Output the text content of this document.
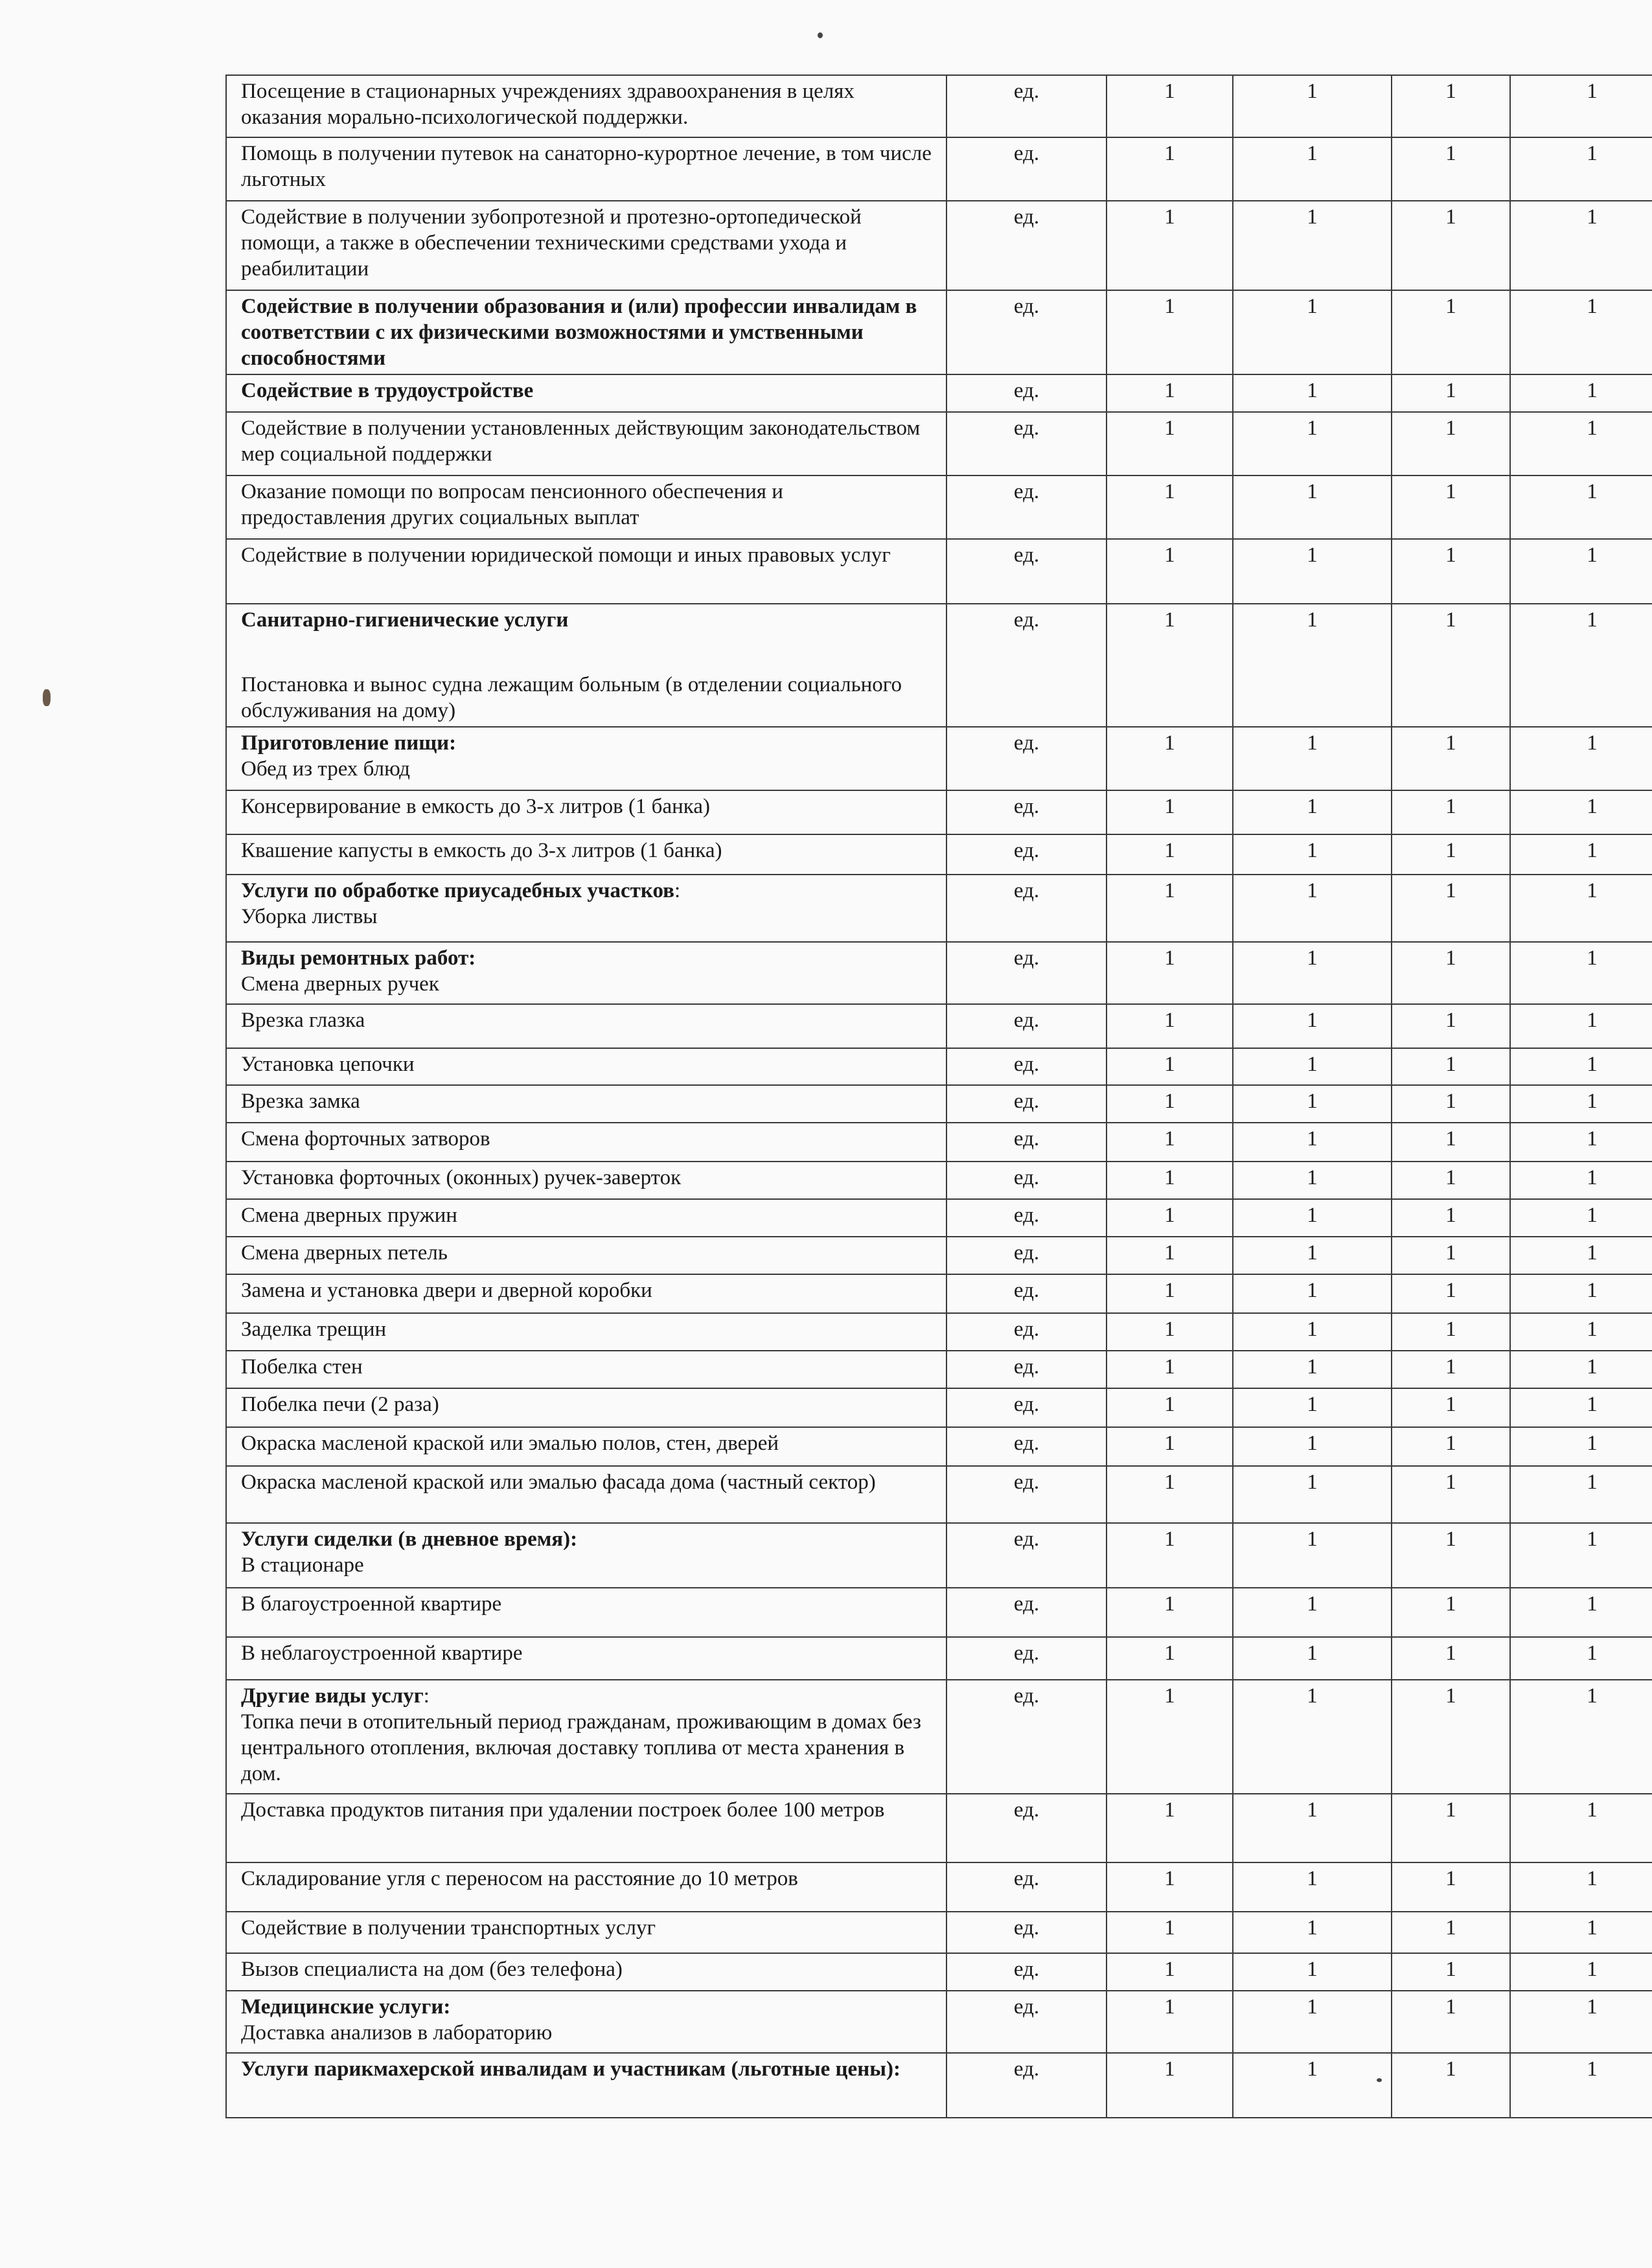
Посещение в стационарных учреждениях здравоохранения в целях оказания морально-психологической поддержки.	ед.	1	1	1	1
Помощь в получении путевок на санаторно-курортное лечение, в том числе льготных	ед.	1	1	1	1
Содействие в получении зубопротезной и протезно-ортопедической помощи, а также в обеспечении техническими средствами ухода и реабилитации	ед.	1	1	1	1
Содействие в получении образования и (или) профессии инвалидам в соответствии с их физическими возможностями и умственными способностями	ед.	1	1	1	1
Содействие в трудоустройстве	ед.	1	1	1	1
Содействие в получении установленных действующим законодательством мер социальной поддержки	ед.	1	1	1	1
Оказание помощи по вопросам пенсионного обеспечения и предоставления других социальных выплат	ед.	1	1	1	1
Содействие в получении юридической помощи и иных правовых услуг	ед.	1	1	1	1
Санитарно-гигиенические услуги
Постановка и вынос судна лежащим больным (в отделении социального обслуживания на дому)	ед.	1	1	1	1
Приготовление пищи:
Обед из трех блюд	ед.	1	1	1	1
Консервирование в емкость до 3-х литров (1 банка)	ед.	1	1	1	1
Квашение капусты в емкость до 3-х литров (1 банка)	ед.	1	1	1	1
Услуги по обработке приусадебных участков:
Уборка листвы	ед.	1	1	1	1
Виды ремонтных работ:
Смена дверных ручек	ед.	1	1	1	1
Врезка глазка	ед.	1	1	1	1
Установка цепочки	ед.	1	1	1	1
Врезка замка	ед.	1	1	1	1
Смена форточных затворов	ед.	1	1	1	1
Установка форточных (оконных) ручек-заверток	ед.	1	1	1	1
Смена дверных пружин	ед.	1	1	1	1
Смена дверных петель	ед.	1	1	1	1
Замена и установка двери и дверной коробки	ед.	1	1	1	1
Заделка трещин	ед.	1	1	1	1
Побелка стен	ед.	1	1	1	1
Побелка печи (2 раза)	ед.	1	1	1	1
Окраска масленой краской или эмалью полов, стен, дверей	ед.	1	1	1	1
Окраска масленой краской или эмалью фасада дома (частный сектор)	ед.	1	1	1	1
Услуги сиделки (в дневное время):
В стационаре	ед.	1	1	1	1
В благоустроенной квартире	ед.	1	1	1	1
В неблагоустроенной квартире	ед.	1	1	1	1
Другие виды услуг:
Топка печи в отопительный период гражданам, проживающим в домах без центрального отопления, включая доставку топлива от места хранения в дом.	ед.	1	1	1	1
Доставка продуктов питания при удалении построек более 100 метров	ед.	1	1	1	1
Складирование угля с переносом на расстояние до 10 метров	ед.	1	1	1	1
Содействие в получении транспортных услуг	ед.	1	1	1	1
Вызов специалиста на дом (без телефона)	ед.	1	1	1	1
Медицинские услуги:
Доставка анализов в лабораторию	ед.	1	1	1	1
Услуги парикмахерской инвалидам и участникам (льготные цены):	ед.	1	1	1	1
